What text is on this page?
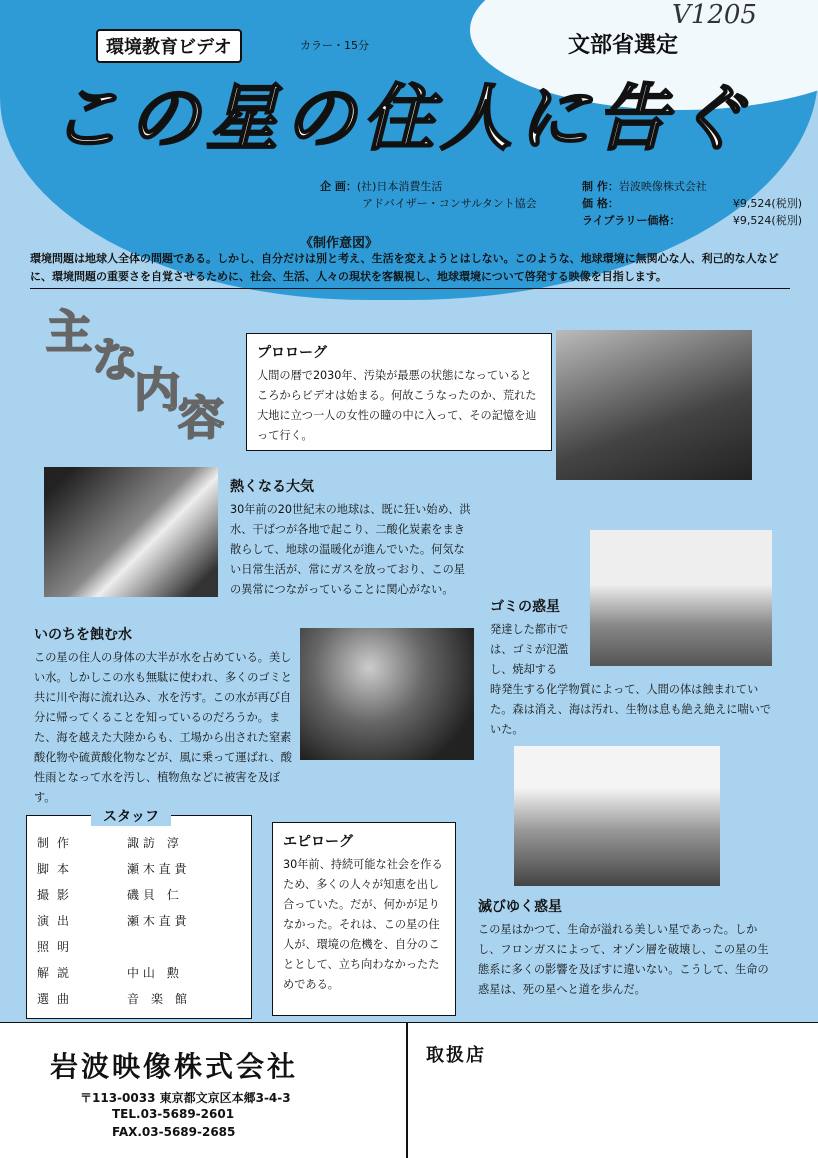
V1205
環境教育ビデオ	カラー・15分	文部省選定
この星の住人に告ぐ
企 画：(社)日本消費生活
アドバイザー・コンサルタント協会
制 作：岩波映像株式会社
価 格：	¥9,524(税別)
ライブラリー価格：	¥9,524(税別)
《制作意図》
環境問題は地球人全体の問題である。しかし、自分だけは別と考え、生活を変えようとはしない。このような、地球環境に無関心な人、利己的な人などに、環境問題の重要さを自覚させるために、社会、生活、人々の現状を客観視し、地球環境について啓発する映像を目指します。
主
な
内
容
プロローグ
人間の暦で2030年、汚染が最悪の状態になっているところからビデオは始まる。何故こうなったのか、荒れた大地に立つ一人の女性の瞳の中に入って、その記憶を辿って行く。
熱くなる大気
30年前の20世紀末の地球は、既に狂い始め、洪水、干ばつが各地で起こり、二酸化炭素をまき散らして、地球の温暖化が進んでいた。何気ない日常生活が、常にガスを放っており、この星の異常につながっていることに関心がない。
ゴミの惑星
発達した都市では、ゴミが氾濫し、焼却する
時発生する化学物質によって、人間の体は蝕まれていた。森は消え、海は汚れ、生物は息も絶え絶えに喘いでいた。
いのちを蝕む水
この星の住人の身体の大半が水を占めている。美しい水。しかしこの水も無駄に使われ、多くのゴミと共に川や海に流れ込み、水を汚す。この水が再び自分に帰ってくることを知っているのだろうか。また、海を越えた大陸からも、工場から出された窒素酸化物や硫黄酸化物などが、風に乗って運ばれ、酸性雨となって水を汚し、植物魚などに被害を及ぼす。
スタッフ
制作	諏 訪　淳
脚本	瀬 木 直 貴
撮影	磯 貝　仁
演出	瀬 木 直 貴
照明
解説	中 山　勲
選曲	音　楽　館
エピローグ
30年前、持続可能な社会を作るため、多くの人々が知恵を出し合っていた。だが、何かが足りなかった。それは、この星の住人が、環境の危機を、自分のこととして、立ち向わなかったためである。
滅びゆく惑星
この星はかつて、生命が溢れる美しい星であった。しかし、フロンガスによって、オゾン層を破壊し、この星の生態系に多くの影響を及ぼすに違いない。こうして、生命の惑星は、死の星へと道を歩んだ。
岩波映像株式会社
〒113-0033 東京都文京区本郷3-4-3
TEL.03-5689-2601
FAX.03-5689-2685
取扱店
